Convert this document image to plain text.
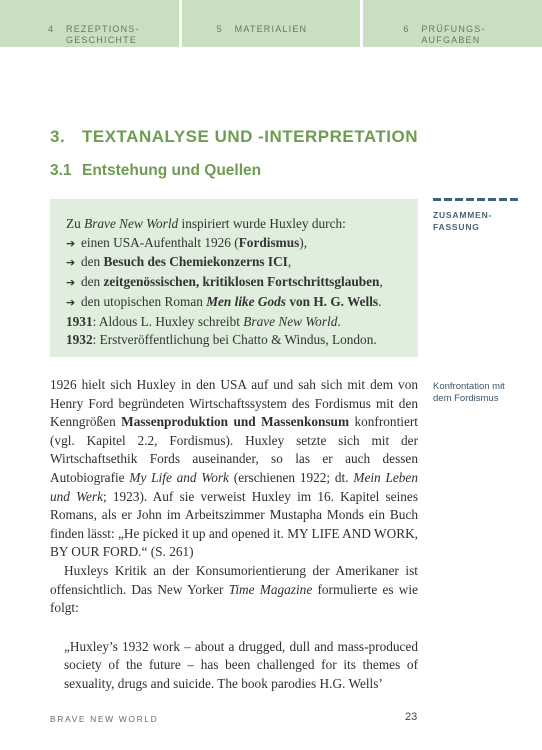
4	REZEPTIONS-
GESCHICHTE
5	MATERIALIEN	6	PRÜFUNGS-
AUFGABEN
3. TEXTANALYSE UND -INTERPRETATION
3.1 Entstehung und Quellen
ZUSAMMEN-
FASSUNG
Konfrontation mit
dem Fordismus
Zu Brave New World inspiriert wurde Huxley durch:
➔ einen USA-Aufenthalt 1926 (Fordismus),
➔ den Besuch des Chemiekonzerns ICI,
➔ den zeitgenössischen, kritiklosen Fortschrittsglauben,
➔ den utopischen Roman Men like Gods von H. G. Wells.
1931: Aldous L. Huxley schreibt Brave New World.
1932: Erstveröffentlichung bei Chatto & Windus, London.

1926 hielt sich Huxley in den USA auf und sah sich mit dem von Henry Ford begründeten Wirtschaftssystem des Fordismus mit den Kenngrößen Massenproduktion und Massenkonsum konfrontiert (vgl. Kapitel 2.2, Fordismus). Huxley setzte sich mit der Wirtschaftsethik Fords auseinander, so las er auch dessen Autobiografie My Life and Work (erschienen 1922; dt. Mein Leben und Werk; 1923). Auf sie verweist Huxley im 16. Kapitel seines Romans, als er John im Arbeitszimmer Mustapha Monds ein Buch finden lässt: „He picked it up and opened it. MY LIFE AND WORK, BY OUR FORD.“ (S. 261)

Huxleys Kritik an der Konsumorientierung der Amerikaner ist offensichtlich. Das New Yorker Time Magazine formulierte es wie folgt:

„Huxley’s 1932 work – about a drugged, dull and mass-produced society of the future – has been challenged for its themes of sexuality, drugs and suicide. The book parodies H.G. Wells’

BRAVE NEW WORLD	23
